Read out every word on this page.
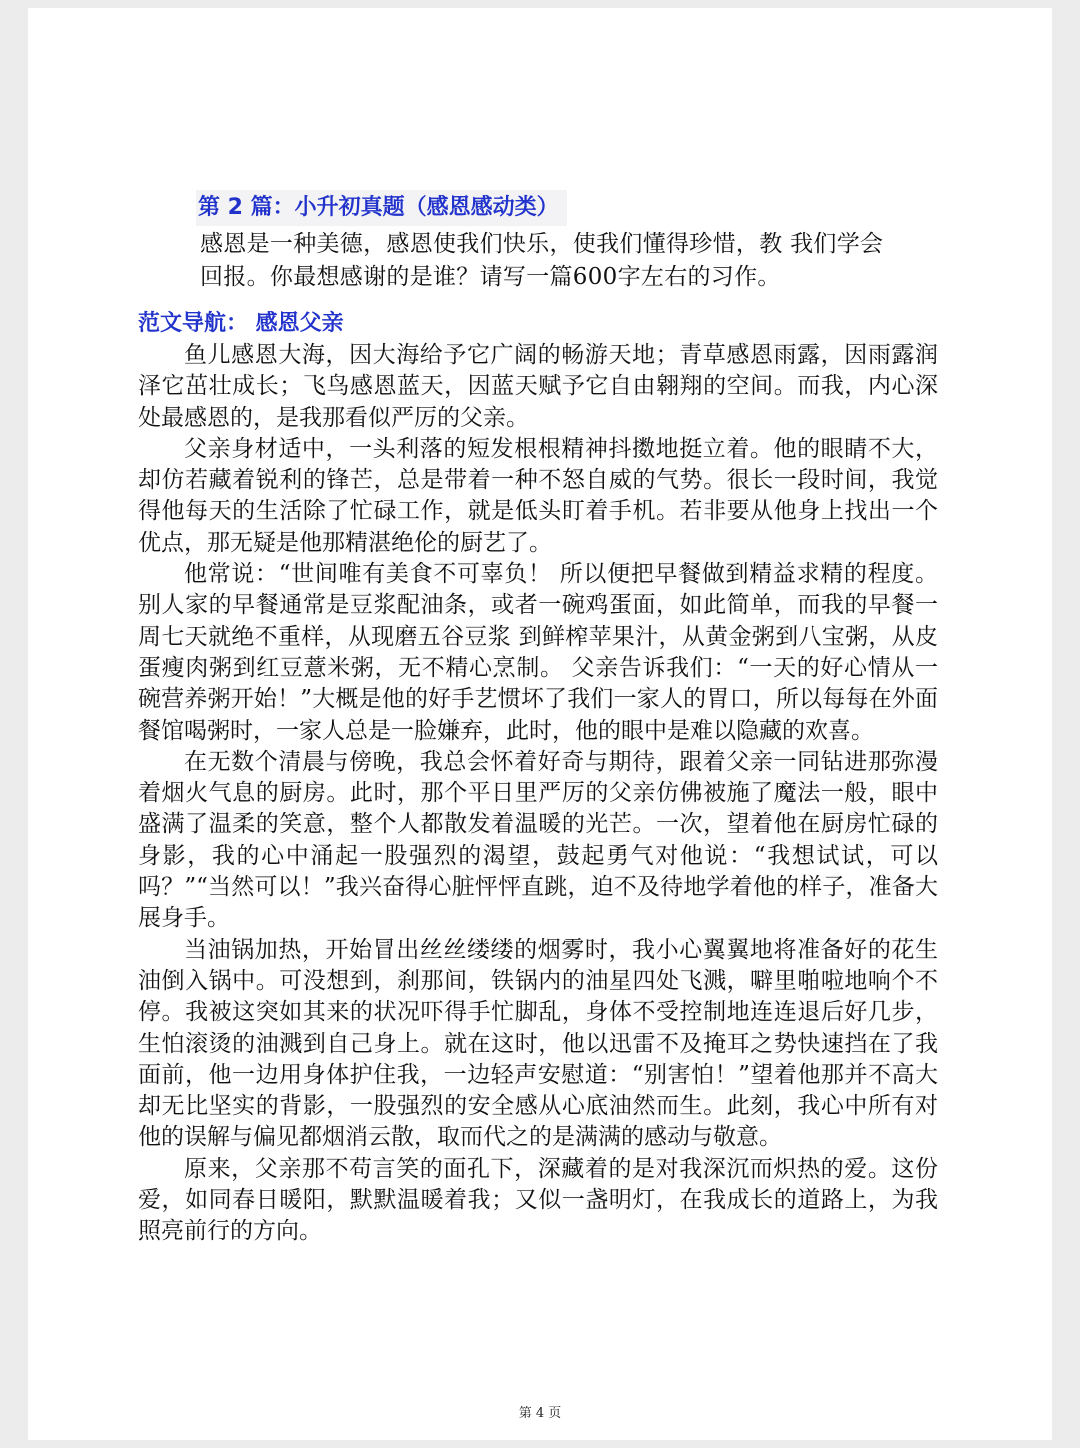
第 2 篇：小升初真题（感恩感动类）
感恩是一种美德，感恩使我们快乐，使我们懂得珍惜，教 我们学会回报。你最想感谢的是谁？请写一篇600字左右的习作。
范文导航： 感恩父亲

鱼儿感恩大海，因大海给予它广阔的畅游天地；青草感恩雨露，因雨露润泽它茁壮成长；飞鸟感恩蓝天，因蓝天赋予它自由翱翔的空间。而我，内心深处最感恩的，是我那看似严厉的父亲。

父亲身材适中，一头利落的短发根根精神抖擞地挺立着。他的眼睛不大，却仿若藏着锐利的锋芒，总是带着一种不怒自威的气势。很长一段时间，我觉得他每天的生活除了忙碌工作，就是低头盯着手机。若非要从他身上找出一个优点，那无疑是他那精湛绝伦的厨艺了。

他常说：“世间唯有美食不可辜负！ 所以便把早餐做到精益求精的程度。别人家的早餐通常是豆浆配油条，或者一碗鸡蛋面，如此简单，而我的早餐一周七天就绝不重样，从现磨五谷豆浆 到鲜榨苹果汁，从黄金粥到八宝粥，从皮蛋瘦肉粥到红豆薏米粥，无不精心烹制。 父亲告诉我们：“一天的好心情从一碗营养粥开始！”大概是他的好手艺惯坏了我们一家人的胃口，所以每每在外面餐馆喝粥时，一家人总是一脸嫌弃，此时，他的眼中是难以隐藏的欢喜。

在无数个清晨与傍晚，我总会怀着好奇与期待，跟着父亲一同钻进那弥漫着烟火气息的厨房。此时，那个平日里严厉的父亲仿佛被施了魔法一般，眼中盛满了温柔的笑意，整个人都散发着温暖的光芒。一次，望着他在厨房忙碌的身影，我的心中涌起一股强烈的渴望，鼓起勇气对他说：“我想试试，可以吗？”“当然可以！”我兴奋得心脏怦怦直跳，迫不及待地学着他的样子，准备大展身手。

当油锅加热，开始冒出丝丝缕缕的烟雾时，我小心翼翼地将准备好的花生油倒入锅中。可没想到，刹那间，铁锅内的油星四处飞溅，噼里啪啦地响个不停。我被这突如其来的状况吓得手忙脚乱，身体不受控制地连连退后好几步，生怕滚烫的油溅到自己身上。就在这时，他以迅雷不及掩耳之势快速挡在了我面前，他一边用身体护住我，一边轻声安慰道：“别害怕！”望着他那并不高大却无比坚实的背影，一股强烈的安全感从心底油然而生。此刻，我心中所有对他的误解与偏见都烟消云散，取而代之的是满满的感动与敬意。

原来，父亲那不苟言笑的面孔下，深藏着的是对我深沉而炽热的爱。这份爱，如同春日暖阳，默默温暖着我；又似一盏明灯，在我成长的道路上，为我照亮前行的方向。

第 4 页
